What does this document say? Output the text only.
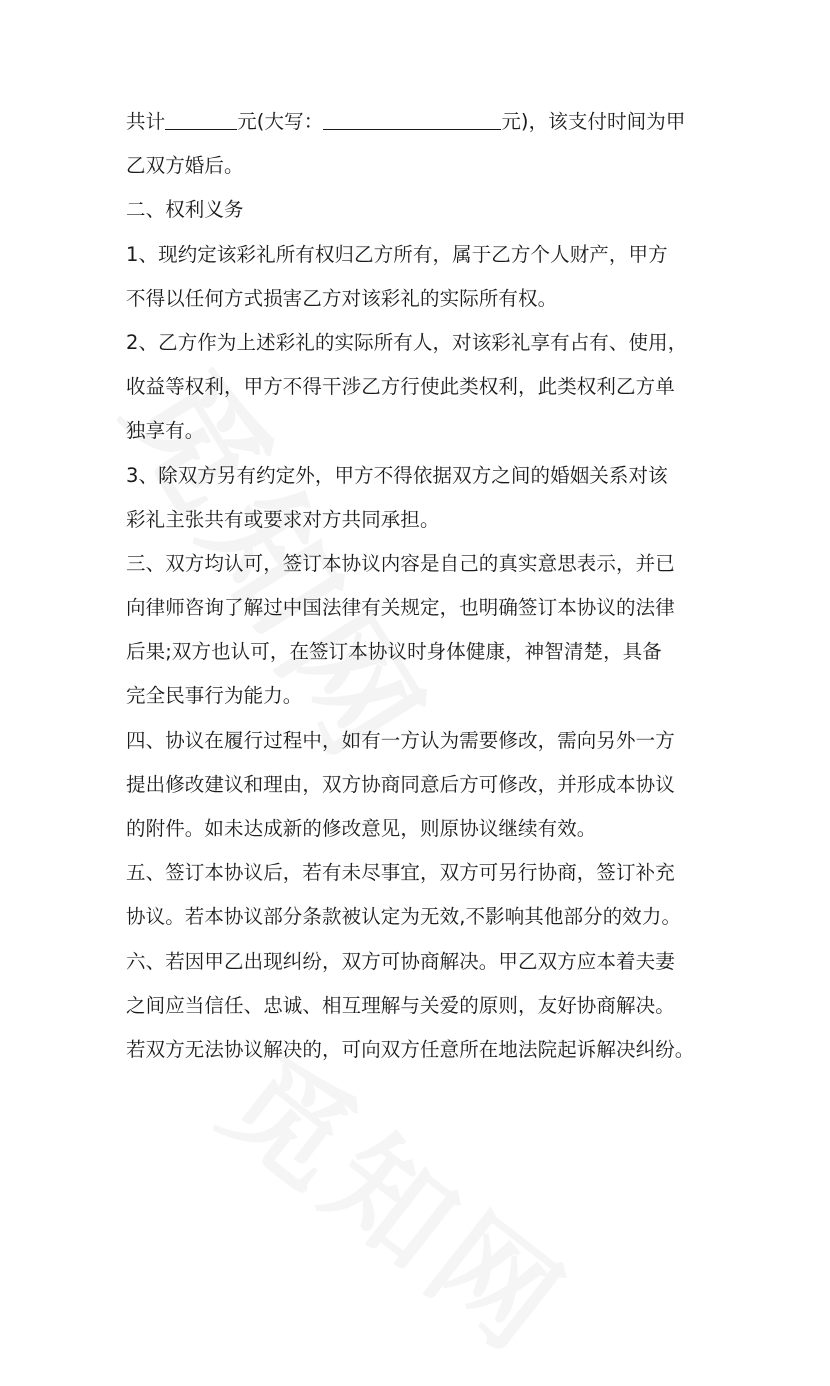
共计	元(大写：	元)，该支付时间为甲
乙双方婚后。
二、权利义务
1、现约定该彩礼所有权归乙方所有，属于乙方个人财产，甲方
不得以任何方式损害乙方对该彩礼的实际所有权。
2、乙方作为上述彩礼的实际所有人，对该彩礼享有占有、使用，
收益等权利，甲方不得干涉乙方行使此类权利，此类权利乙方单
独享有。
3、除双方另有约定外，甲方不得依据双方之间的婚姻关系对该
彩礼主张共有或要求对方共同承担。
三、双方均认可，签订本协议内容是自己的真实意思表示，并已
向律师咨询了解过中国法律有关规定，也明确签订本协议的法律
后果;双方也认可，在签订本协议时身体健康，神智清楚，具备
完全民事行为能力。
四、协议在履行过程中，如有一方认为需要修改，需向另外一方
提出修改建议和理由，双方协商同意后方可修改，并形成本协议
的附件。如未达成新的修改意见，则原协议继续有效。
五、签订本协议后，若有未尽事宜，双方可另行协商，签订补充
协议。若本协议部分条款被认定为无效,不影响其他部分的效力。
六、若因甲乙出现纠纷，双方可协商解决。甲乙双方应本着夫妻
之间应当信任、忠诚、相互理解与关爱的原则，友好协商解决。
若双方无法协议解决的，可向双方任意所在地法院起诉解决纠纷。
